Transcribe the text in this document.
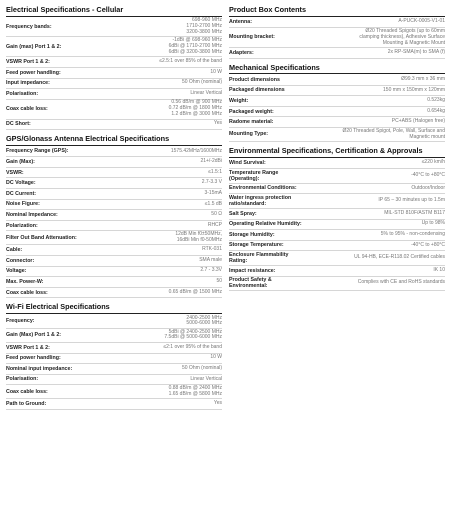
Electrical Specifications - Cellular
Frequency bands:
698-960 MHz
1710-2700 MHz
3200-3800 MHz
Gain (max) Port 1 & 2:
-1dBi @ 698-960 MHz
6dBi @ 1710-2700 MHz
6dBi @ 3200-3800 MHz
VSWR Port 1 & 2:	≤2.5:1 over 85% of the band
Feed power handling:	10 W
Input impedance:	50 Ohm (nominal)
Polarisation:	Linear Vertical
Coax cable loss:
0.56 dB/m @ 900 MHz
0.72 dB/m @ 1800 MHz
1.2 dB/m @ 3000 MHz
DC Short:	Yes
GPS/Glonass Antenna Electrical Specifications
Frequency Range (GPS):	1575.42MHz/1600MHz
Gain (Max):	21+/-2dBi
VSWR:	≤1.5:1
DC Voltage:	2.7-3.3 V
DC Current:	3-15mA
Noise Figure:	≤1.5 dB
Nominal Impedance:	50 Ω
Polarization:	RHCP
Filter Out Band Attenuation:
12dB Min f0±50MHz,
16dBi Min f0-50MHz
Cable:	RTK-031
Connector:	SMA male
Voltage:	2.7 - 3.3V
Max. Power-W:	50
Coax cable loss:	0.65 dB/m @ 1500 MHz
Wi-Fi Electrical Specifications
Frequency:
2400-2500 MHz
5000-6000 MHz
Gain (Max) Port 1 & 2:
5dBi @ 2400-2500 MHz
7.5dBi @ 5000-6000 MHz
VSWR Port 1 & 2:	≤2:1 over 95% of the band
Feed power handling:	10 W
Nominal input impedance:	50 Ohm (nominal)
Polarisation:	Linear Vertical
Coax cable loss:
0.88 dB/m @ 2400 MHz
1.65 dB/m @ 5800 MHz
Path to Ground:	Yes
Product Box Contents
Antenna:	A-PUCK-0005-V1-01
Mounting bracket:
Ø20 Threaded Spigots (up to 60mm
clamping thickness), Adhesive Surface
Mounting & Magnetic Mount
Adapters:	2x RP-SMA(m) to SMA (f)
Mechanical Specifications
Product dimensions	Ø99.3 mm x 36 mm
Packaged dimensions	150 mm x 150mm x 120mm
Weight:	0.523kg
Packaged weight:	0.654kg
Radome material:	PC+ABS (Halogen free)
Mounting Type:
Ø20 Threaded Spigot, Pole, Wall, Surface and
Magnetic mount
Environmental Specifications, Certification & Approvals
Wind Survival:	≤220 km/h
Temperature Range
(Operating):
-40°C to +80°C
Environmental Conditions:	Outdoor/Indoor
Water ingress protection
ratio/standard:
IP 65 – 30 minutes up to 1.5m
Salt Spray:	MIL-STD 810F/ASTM B117
Operating Relative Humidity:	Up to 98%
Storage Humidity:	5% to 95% - non-condensing
Storage Temperature:	-40°C to +80°C
Enclosure Flammability
Rating:
UL 94-HB, ECE-R118.02 Certified cables
Impact resistance:	IK 10
Product Safety &
Environmental:
Complies with CE and RoHS standards
